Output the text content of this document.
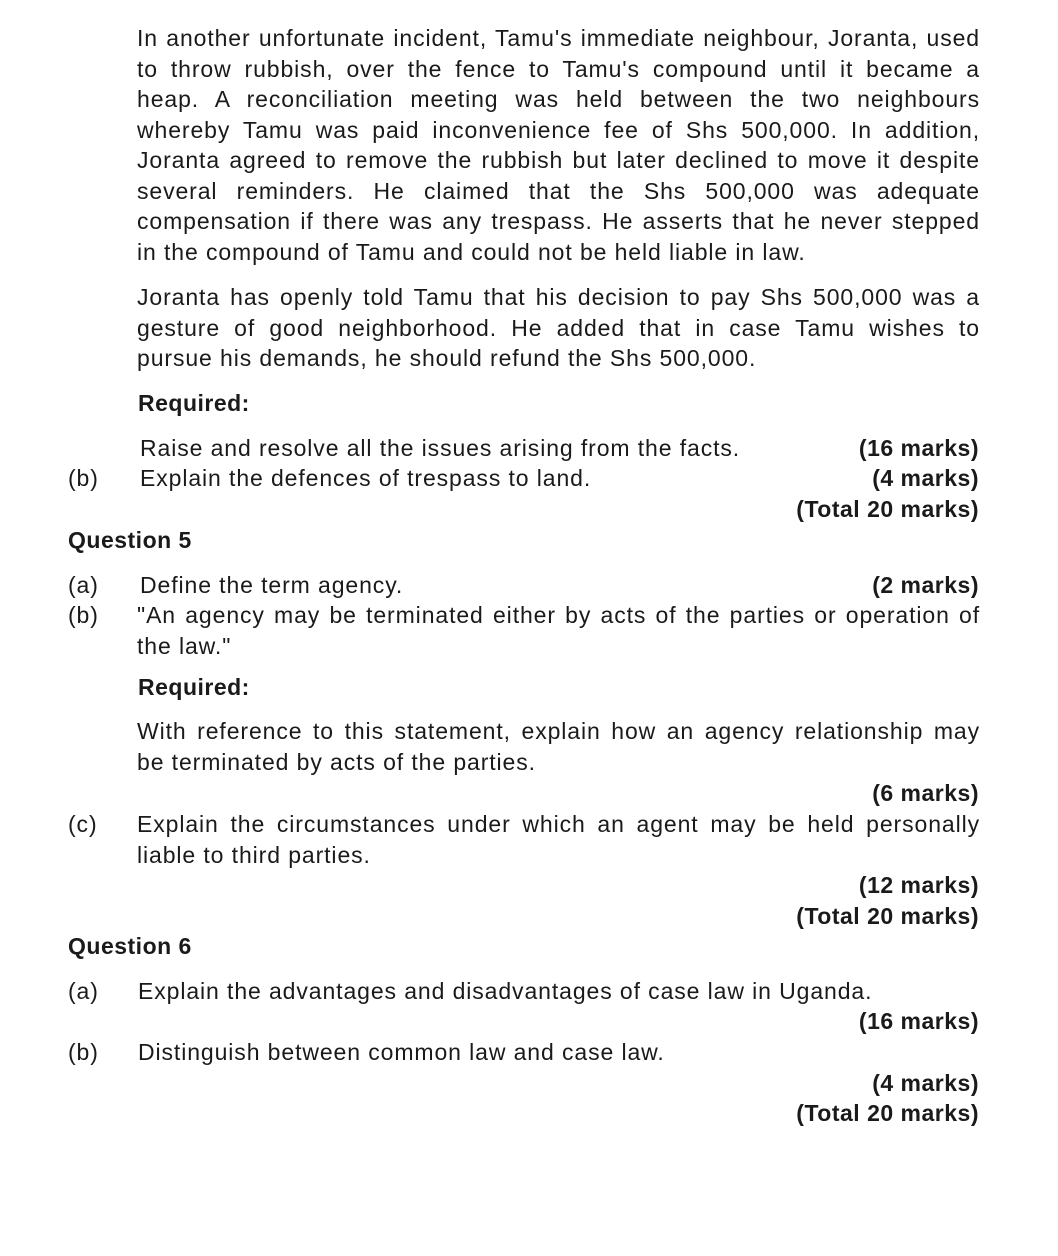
In another unfortunate incident, Tamu's immediate neighbour, Joranta, used to throw rubbish, over the fence to Tamu's compound until it became a heap. A reconciliation meeting was held between the two neighbours whereby Tamu was paid inconvenience fee of Shs 500,000. In addition, Joranta agreed to remove the rubbish but later declined to move it despite several reminders. He claimed that the Shs 500,000 was adequate compensation if there was any trespass. He asserts that he never stepped in the compound of Tamu and could not be held liable in law.
Joranta has openly told Tamu that his decision to pay Shs 500,000 was a gesture of good neighborhood. He added that in case Tamu wishes to pursue his demands, he should refund the Shs 500,000.
Required:
Raise and resolve all the issues arising from the facts.	(16 marks)
(b) Explain the defences of trespass to land.	(4 marks)
(Total 20 marks)
Question 5
(a) Define the term agency.	(2 marks)
(b) "An agency may be terminated either by acts of the parties or operation of the law."
Required:
With reference to this statement, explain how an agency relationship may be terminated by acts of the parties.
(6 marks)
(c) Explain the circumstances under which an agent may be held personally liable to third parties.
(12 marks)
(Total 20 marks)
Question 6
(a) Explain the advantages and disadvantages of case law in Uganda.
(16 marks)
(b) Distinguish between common law and case law.
(4 marks)
(Total 20 marks)
